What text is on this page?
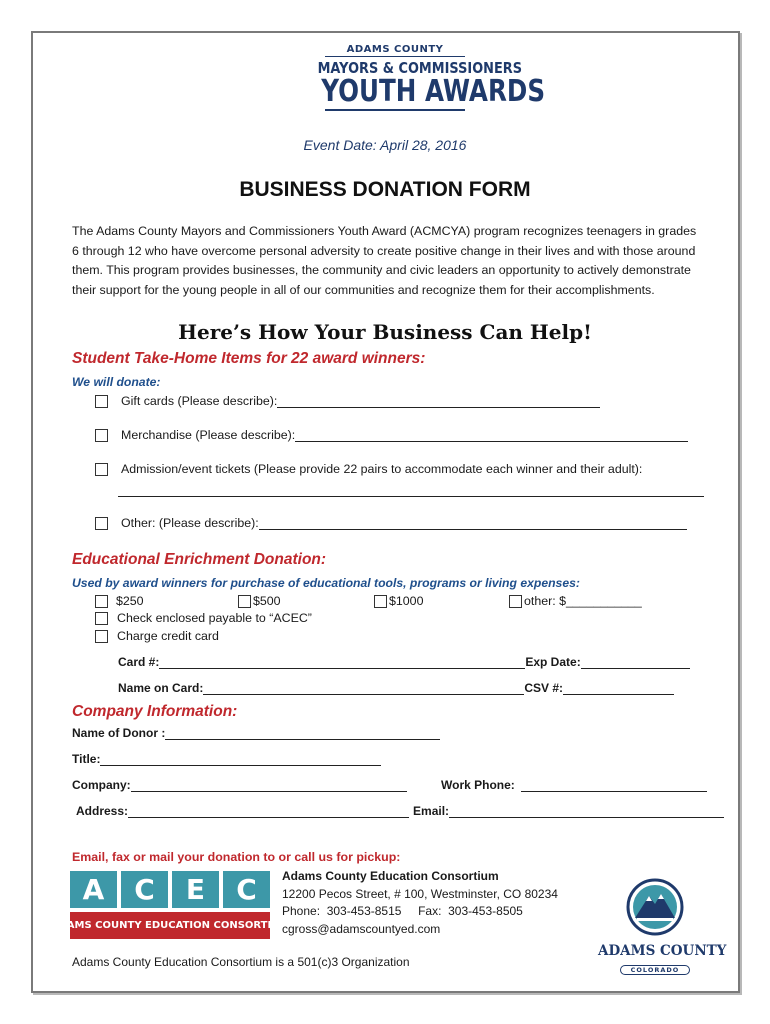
ADAMS COUNTY
MAYORS & COMMISSIONERS
YOUTH AWARDS
Event Date: April 28, 2016
BUSINESS DONATION FORM
The Adams County Mayors and Commissioners Youth Award (ACMCYA) program recognizes teenagers in grades 6 through 12 who have overcome personal adversity to create positive change in their lives and with those around them. This program provides businesses, the community and civic leaders an opportunity to actively demonstrate their support for the young people in all of our communities and recognize them for their accomplishments.
Here’s How Your Business Can Help!
Student Take-Home Items for 22 award winners:
We will donate:
Gift cards (Please describe):
Merchandise (Please describe):
Admission/event tickets (Please provide 22 pairs to accommodate each winner and their adult):
Other: (Please describe):
Educational Enrichment Donation:
Used by award winners for purchase of educational tools, programs or living expenses:
$250	$500	$1000	other: $___________
Check enclosed payable to “ACEC”
Charge credit card
Card #:	Exp Date:
Name on Card:	CSV #:
Company Information:
Name of Donor :
Title:
Company:	Work Phone:
Address:	Email:
Email, fax or mail your donation to or call us for pickup:
A	C	E	C
ADAMS COUNTY EDUCATION CONSORTIUM
Adams County Education Consortium
12200 Pecos Street, # 100, Westminster, CO 80234
Phone:  303-453-8515     Fax:  303-453-8505
cgross@adamscountyed.com
ADAMS COUNTY
COLORADO
Adams County Education Consortium is a 501(c)3 Organization
